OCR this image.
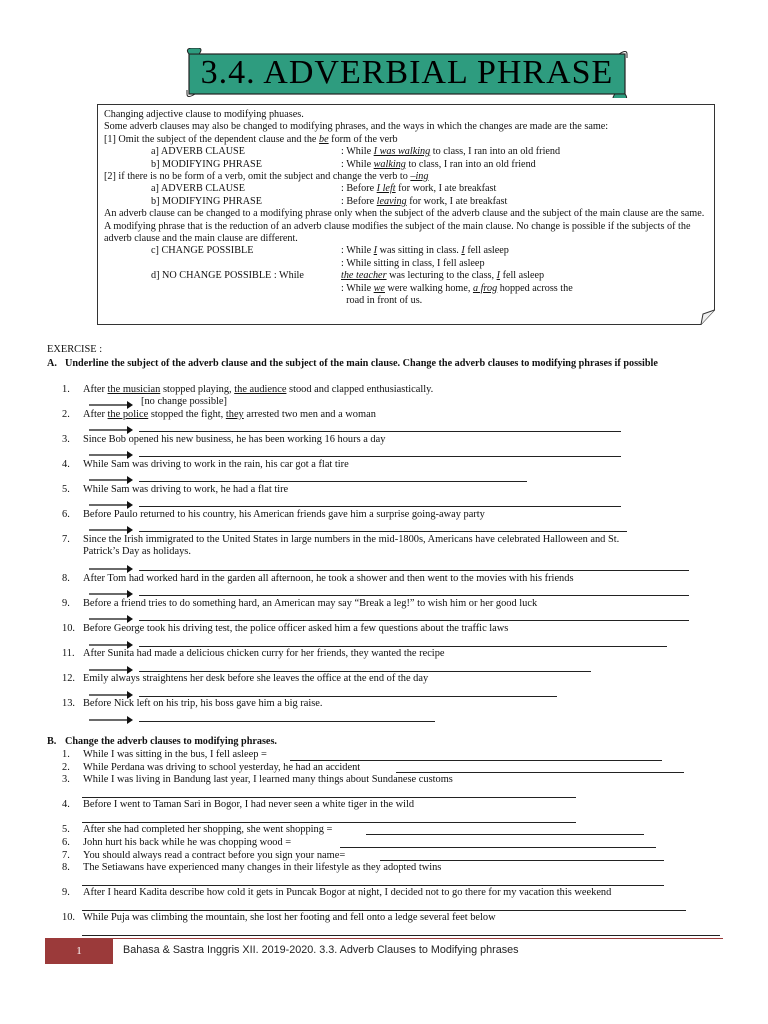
3.4. ADVERBIAL PHRASE
Changing adjective clause to modifying phuases.
Some adverb clauses may also be changed to modifying phrases, and the ways in which the changes are made are the same:
[1] Omit the subject of the dependent clause and the be form of the verb
a] ADVERB CLAUSE	: While I was walking to class, I ran into an old friend
b] MODIFYING PHRASE	: While walking to class, I ran into an old friend
[2] if there is no be form of a verb, omit the subject and change the verb to –ing
a] ADVERB CLAUSE	: Before I left for work, I ate breakfast
b] MODIFYING PHRASE	: Before leaving for work, I ate breakfast
An adverb clause can be changed to a modifying phrase only when the subject of the adverb clause and the subject of the main clause are the same. A modifying phrase that is the reduction of an adverb clause modifies the subject of the main clause. No change is possible if the subjects of the adverb clause and the main clause are different.
c] CHANGE POSSIBLE	: While I was sitting in class. I fell asleep
: While sitting in class, I fell asleep
d] NO CHANGE POSSIBLE : While	the teacher was lecturing to the class, I fell asleep
: While we were walking home, a frog hopped across the
road in front of us.
EXERCISE :
A. Underline the subject of the adverb clause and the subject of the main clause. Change the adverb clauses to modifying phrases if possible
1. After the musician stopped playing, the audience stood and clapped enthusiastically.
[no change possible]
2. After the police stopped the fight, they arrested two men and a woman
3. Since Bob opened his new business, he has been working 16 hours a day
4. While Sam was driving to work in the rain, his car got a flat tire
5. While Sam was driving to work, he had a flat tire
6. Before Paulo returned to his country, his American friends gave him a surprise going-away party
7. Since the Irish immigrated to the United States in large numbers in the mid-1800s, Americans have celebrated Halloween and St.
Patrick’s Day as holidays.
8. After Tom had worked hard in the garden all afternoon, he took a shower and then went to the movies with his friends
9. Before a friend tries to do something hard, an American may say “Break a leg!” to wish him or her good luck
10. Before George took his driving test, the police officer asked him a few questions about the traffic laws
11. After Sunita had made a delicious chicken curry for her friends, they wanted the recipe
12. Emily always straightens her desk before she leaves the office at the end of the day
13. Before Nick left on his trip, his boss gave him a big raise.
B. Change the adverb clauses to modifying phrases.
1. While I was sitting in the bus, I fell asleep =
2. While Perdana was driving to school yesterday, he had an accident
3. While I was living in Bandung last year, I learned many things about Sundanese customs
4. Before I went to Taman Sari in Bogor, I had never seen a white tiger in the wild
5. After she had completed her shopping, she went shopping =
6. John hurt his back while he was chopping wood =
7. You should always read a contract before you sign your name=
8. The Setiawans have experienced many changes in their lifestyle as they adopted twins
9. After I heard Kadita describe how cold it gets in Puncak Bogor at night, I decided not to go there for my vacation this weekend
10. While Puja was climbing the mountain, she lost her footing and fell onto a ledge several feet below
1	Bahasa & Sastra Inggris XII. 2019-2020. 3.3. Adverb Clauses to Modifying phrases
